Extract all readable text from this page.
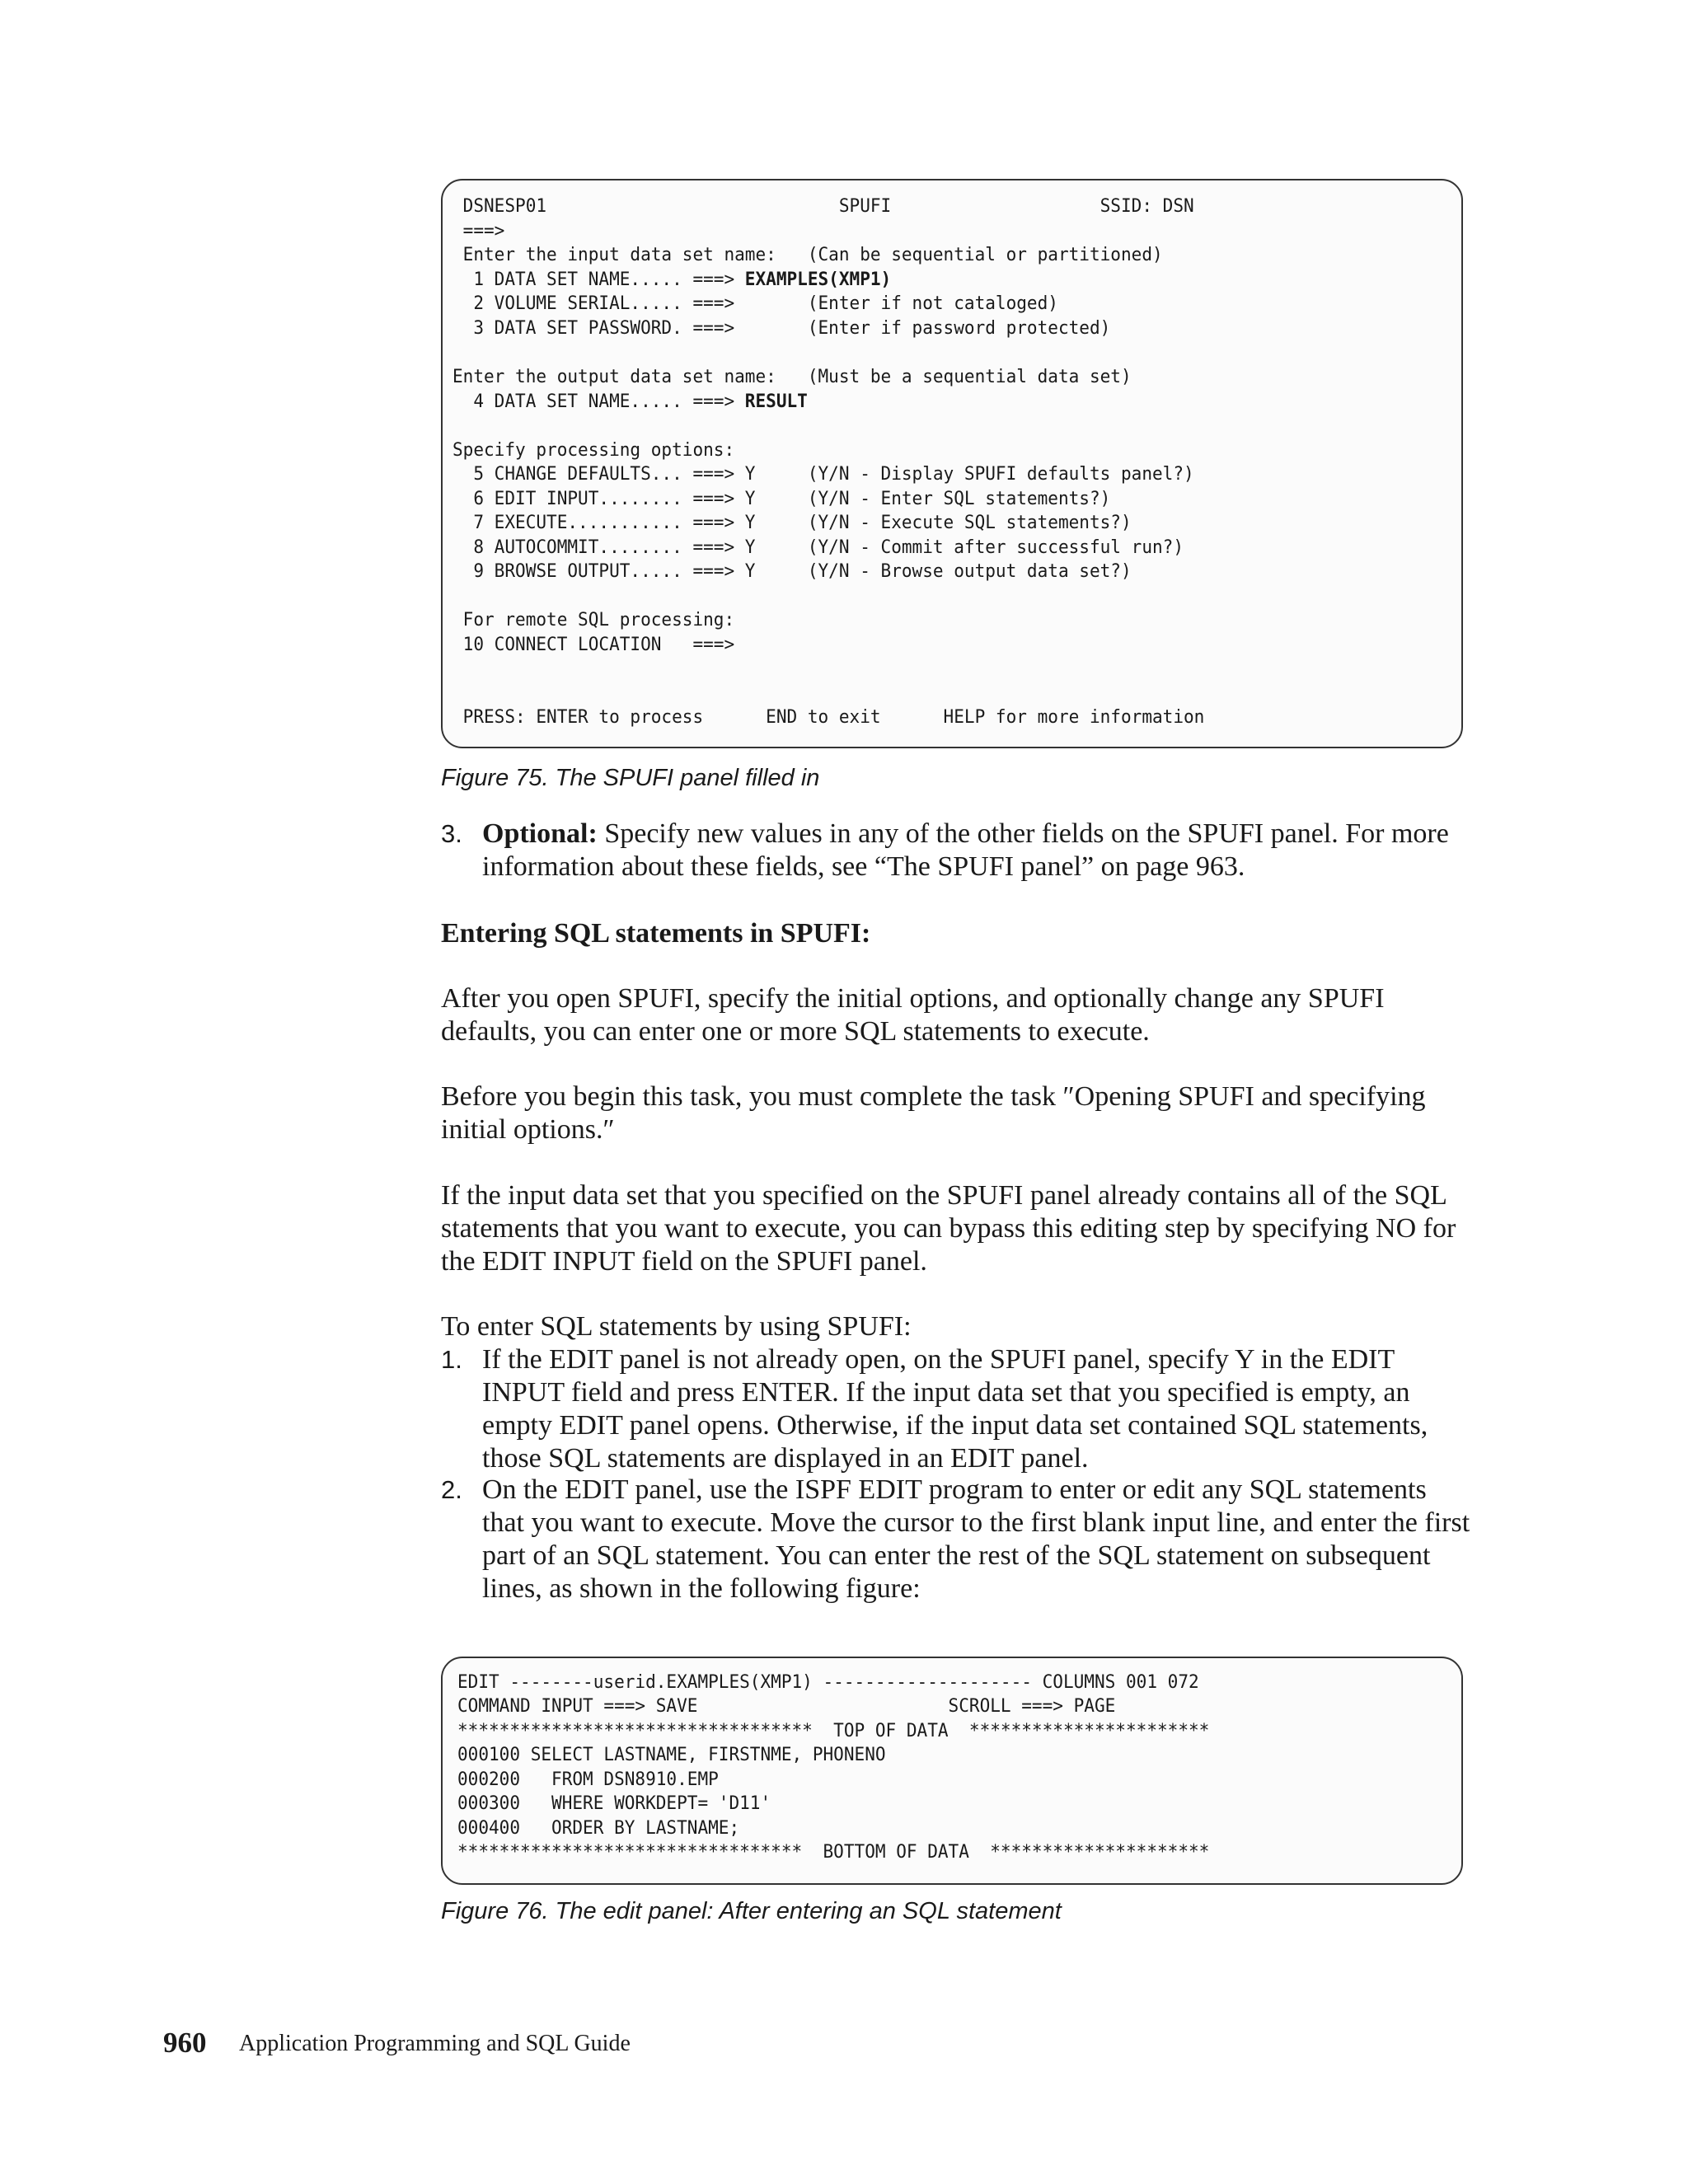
DSNESP01                            SPUFI                    SSID: DSN
===>
Enter the input data set name:   (Can be sequential or partitioned)
1 DATA SET NAME..... ===> EXAMPLES(XMP1)
2 VOLUME SERIAL..... ===>       (Enter if not cataloged)
3 DATA SET PASSWORD. ===>       (Enter if password protected)
Enter the output data set name:   (Must be a sequential data set)
4 DATA SET NAME..... ===> RESULT
Specify processing options:
5 CHANGE DEFAULTS... ===> Y     (Y/N - Display SPUFI defaults panel?)
6 EDIT INPUT........ ===> Y     (Y/N - Enter SQL statements?)
7 EXECUTE........... ===> Y     (Y/N - Execute SQL statements?)
8 AUTOCOMMIT........ ===> Y     (Y/N - Commit after successful run?)
9 BROWSE OUTPUT..... ===> Y     (Y/N - Browse output data set?)
For remote SQL processing:
10 CONNECT LOCATION   ===>
PRESS: ENTER to process      END to exit      HELP for more information

Figure 75. The SPUFI panel filled in

3. Optional: Specify new values in any of the other fields on the SPUFI panel. For more information about these fields, see “The SPUFI panel” on page 963.

Entering SQL statements in SPUFI:

After you open SPUFI, specify the initial options, and optionally change any SPUFI defaults, you can enter one or more SQL statements to execute.

Before you begin this task, you must complete the task ″Opening SPUFI and specifying initial options.″

If the input data set that you specified on the SPUFI panel already contains all of the SQL statements that you want to execute, you can bypass this editing step by specifying NO for the EDIT INPUT field on the SPUFI panel.

To enter SQL statements by using SPUFI:

1. If the EDIT panel is not already open, on the SPUFI panel, specify Y in the EDIT INPUT field and press ENTER. If the input data set that you specified is empty, an empty EDIT panel opens. Otherwise, if the input data set contained SQL statements, those SQL statements are displayed in an EDIT panel.

2. On the EDIT panel, use the ISPF EDIT program to enter or edit any SQL statements that you want to execute. Move the cursor to the first blank input line, and enter the first part of an SQL statement. You can enter the rest of the SQL statement on subsequent lines, as shown in the following figure:

EDIT --------userid.EXAMPLES(XMP1) -------------------- COLUMNS 001 072
COMMAND INPUT ===> SAVE                        SCROLL ===> PAGE
**********************************  TOP OF DATA  ***********************
000100 SELECT LASTNAME, FIRSTNME, PHONENO
000200   FROM DSN8910.EMP
000300   WHERE WORKDEPT= 'D11'
000400   ORDER BY LASTNAME;
*********************************  BOTTOM OF DATA  *********************

Figure 76. The edit panel: After entering an SQL statement

960 Application Programming and SQL Guide
